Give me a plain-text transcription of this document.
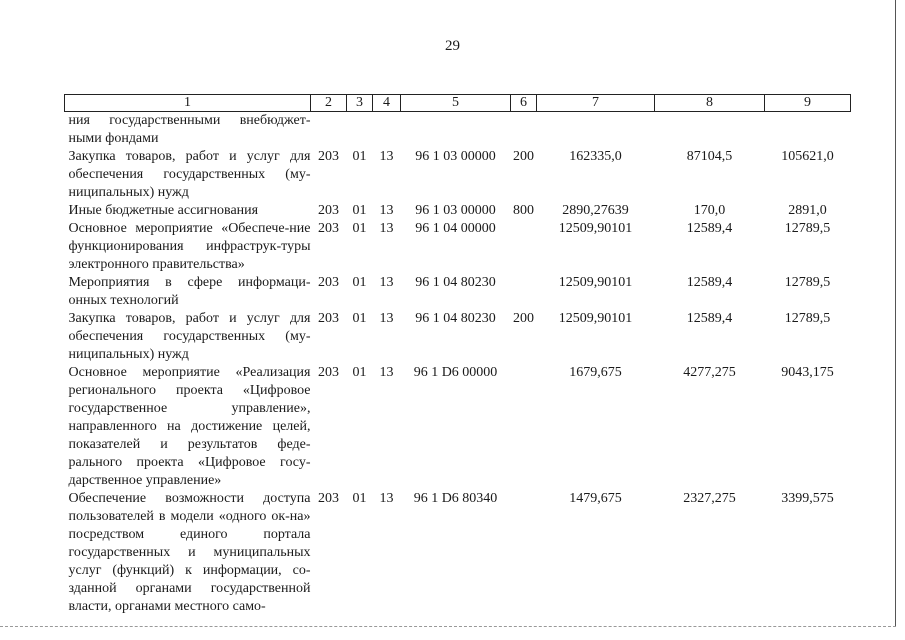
29
1	2	3	4	5	6	7	8	9
ния государственными внебюджет-ными фондами								
Закупка товаров, работ и услуг для обеспечения государственных (му-ниципальных) нужд	203	01	13	96 1 03 00000	200	162335,0	87104,5	105621,0
Иные бюджетные ассигнования	203	01	13	96 1 03 00000	800	2890,27639	170,0	2891,0
Основное мероприятие «Обеспече-ние функционирования инфраструк-туры электронного правительства»	203	01	13	96 1 04 00000		12509,90101	12589,4	12789,5
Мероприятия в сфере информаци-онных технологий	203	01	13	96 1 04 80230		12509,90101	12589,4	12789,5
Закупка товаров, работ и услуг для обеспечения государственных (му-ниципальных) нужд	203	01	13	96 1 04 80230	200	12509,90101	12589,4	12789,5
Основное мероприятие «Реализация регионального проекта «Цифровое государственное управление», направленного на достижение целей, показателей и результатов феде-рального проекта «Цифровое госу-дарственное управление»	203	01	13	96 1 D6 00000		1679,675	4277,275	9043,175
Обеспечение возможности доступа пользователей в модели «одного ок-на» посредством единого портала государственных и муниципальных услуг (функций) к информации, со-зданной органами государственной власти, органами местного само-	203	01	13	96 1 D6 80340		1479,675	2327,275	3399,575
